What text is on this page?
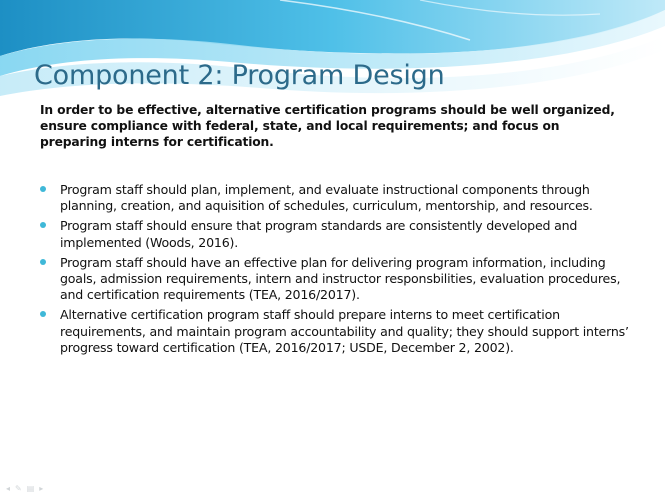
Component 2: Program Design

In order to be effective, alternative certification programs should be well organized, ensure compliance with federal, state, and local requirements; and focus on preparing interns for certification.

Program staff should plan, implement, and evaluate instructional components through planning, creation, and aquisition of schedules, curriculum, mentorship, and resources.
Program staff should ensure that program standards are consistently developed and implemented (Woods, 2016).
Program staff should have an effective plan for delivering program information, including goals, admission requirements, intern and instructor responsbilities, evaluation procedures, and certification requirements (TEA, 2016/2017).
Alternative certification program staff should prepare interns to meet certification requirements, and maintain program accountability and quality; they should support interns’ progress toward certification (TEA, 2016/2017; USDE, December 2, 2002).
◂ ✎ ▤ ▸
